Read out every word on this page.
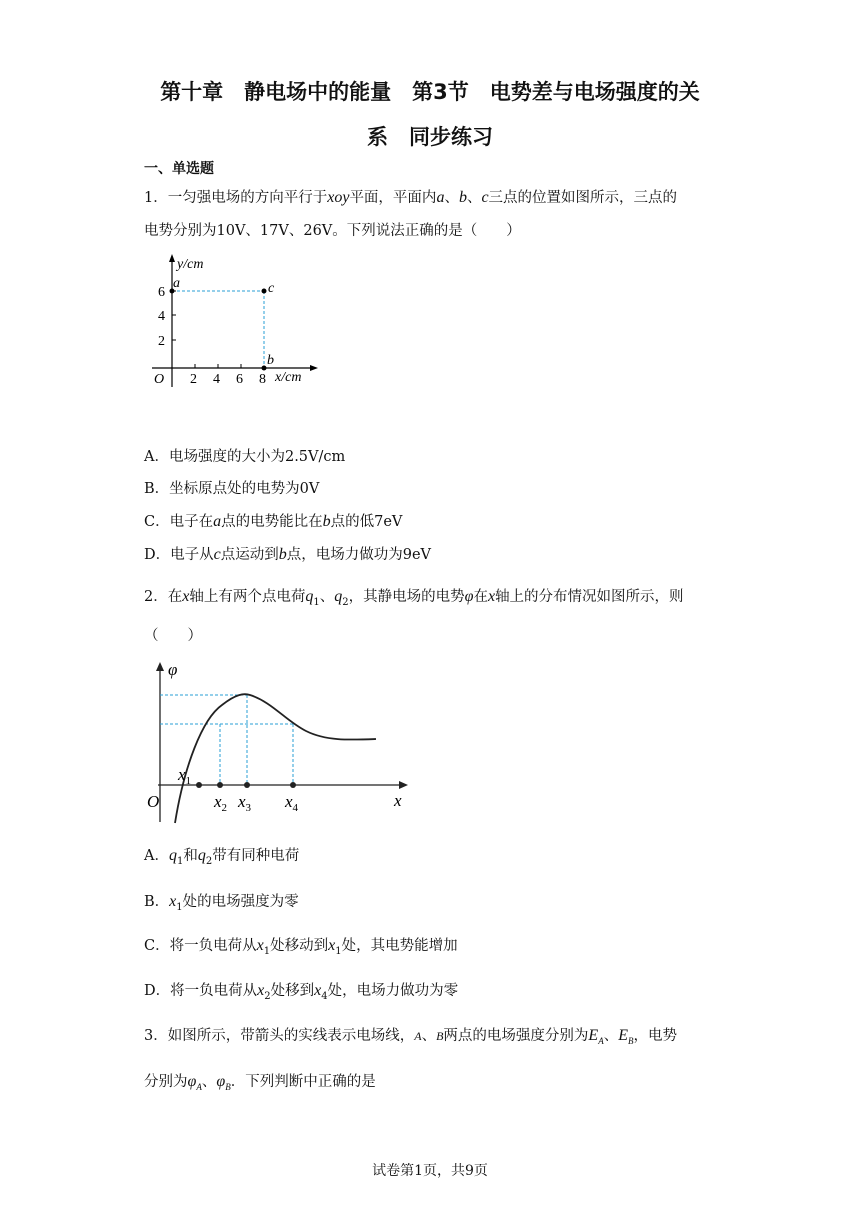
第十章　静电场中的能量　第3节　电势差与电场强度的关
系　同步练习
一、单选题
1．一匀强电场的方向平行于xoy平面，平面内a、b、c三点的位置如图所示，三点的
电势分别为10V、17V、26V。下列说法正确的是（　　）
y/cm
x/cm
O 2 4 6 8
2
4
6
a	c
b
A．电场强度的大小为2.5V/cm
B．坐标原点处的电势为0V
C．电子在a点的电势能比在b点的低7eV
D．电子从c点运动到b点，电场力做功为9eV
2．在x轴上有两个点电荷$q_1$、$q_2$，其静电场的电势φ在x轴上的分布情况如图所示，则
（　　）
φ
x
O
$x_1$
$x_2$ $x_3$ $x_4$
A．$q_1$和$q_2$带有同种电荷
B．$x_1$处的电场强度为零
C．将一负电荷从$x_1$处移动到$x_1$处，其电势能增加
D．将一负电荷从$x_2$处移到$x_4$处，电场力做功为零
3．如图所示，带箭头的实线表示电场线，A、B两点的电场强度分别为$E_A$、$E_B$，电势
分别为$\varphi_A$、$\varphi_B$．下列判断中正确的是
试卷第1页，共9页
